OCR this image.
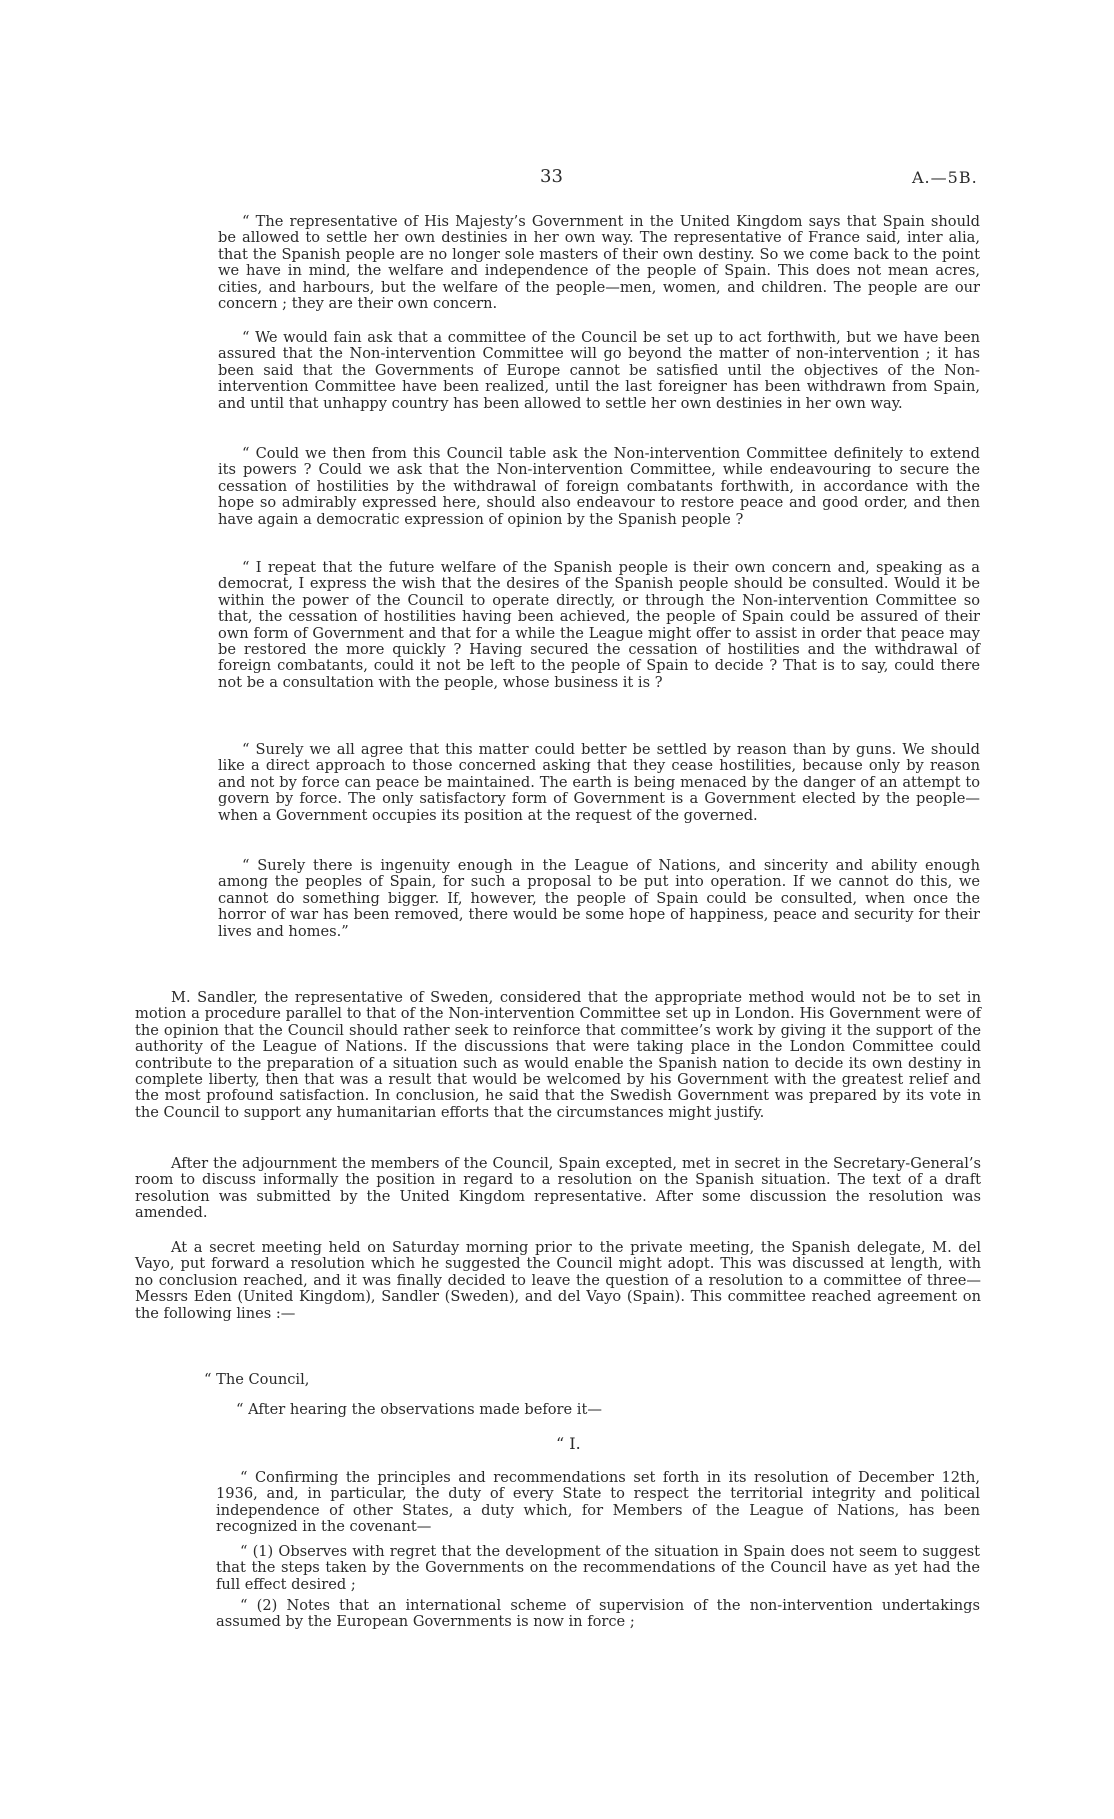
33	A.—5B.

“ The representative of His Majesty’s Government in the United Kingdom says that Spain should be allowed to settle her own destinies in her own way. The representative of France said, inter alia, that the Spanish people are no longer sole masters of their own destiny. So we come back to the point we have in mind, the welfare and independence of the people of Spain. This does not mean acres, cities, and harbours, but the welfare of the people—men, women, and children. The people are our concern ; they are their own concern.

“ We would fain ask that a committee of the Council be set up to act forthwith, but we have been assured that the Non-intervention Committee will go beyond the matter of non-intervention ; it has been said that the Governments of Europe cannot be satisfied until the objectives of the Non-intervention Committee have been realized, until the last foreigner has been withdrawn from Spain, and until that unhappy country has been allowed to settle her own destinies in her own way.

“ Could we then from this Council table ask the Non-intervention Committee definitely to extend its powers ? Could we ask that the Non-intervention Committee, while endeavouring to secure the cessation of hostilities by the withdrawal of foreign combatants forthwith, in accordance with the hope so admirably expressed here, should also endeavour to restore peace and good order, and then have again a democratic expression of opinion by the Spanish people ?

“ I repeat that the future welfare of the Spanish people is their own concern and, speaking as a democrat, I express the wish that the desires of the Spanish people should be consulted. Would it be within the power of the Council to operate directly, or through the Non-intervention Committee so that, the cessation of hostilities having been achieved, the people of Spain could be assured of their own form of Government and that for a while the League might offer to assist in order that peace may be restored the more quickly ? Having secured the cessation of hostilities and the withdrawal of foreign combatants, could it not be left to the people of Spain to decide ? That is to say, could there not be a consultation with the people, whose business it is ?

“ Surely we all agree that this matter could better be settled by reason than by guns. We should like a direct approach to those concerned asking that they cease hostilities, because only by reason and not by force can peace be maintained. The earth is being menaced by the danger of an attempt to govern by force. The only satisfactory form of Government is a Government elected by the people—when a Government occupies its position at the request of the governed.

“ Surely there is ingenuity enough in the League of Nations, and sincerity and ability enough among the peoples of Spain, for such a proposal to be put into operation. If we cannot do this, we cannot do something bigger. If, however, the people of Spain could be consulted, when once the horror of war has been removed, there would be some hope of happiness, peace and security for their lives and homes.”

M. Sandler, the representative of Sweden, considered that the appropriate method would not be to set in motion a procedure parallel to that of the Non-intervention Committee set up in London. His Government were of the opinion that the Council should rather seek to reinforce that committee’s work by giving it the support of the authority of the League of Nations. If the discussions that were taking place in the London Committee could contribute to the preparation of a situation such as would enable the Spanish nation to decide its own destiny in complete liberty, then that was a result that would be welcomed by his Government with the greatest relief and the most profound satisfaction. In conclusion, he said that the Swedish Government was prepared by its vote in the Council to support any humanitarian efforts that the circumstances might justify.

After the adjournment the members of the Council, Spain excepted, met in secret in the Secretary-General’s room to discuss informally the position in regard to a resolution on the Spanish situation. The text of a draft resolution was submitted by the United Kingdom representative. After some discussion the resolution was amended.

At a secret meeting held on Saturday morning prior to the private meeting, the Spanish delegate, M. del Vayo, put forward a resolution which he suggested the Council might adopt. This was discussed at length, with no conclusion reached, and it was finally decided to leave the question of a resolution to a committee of three—Messrs Eden (United Kingdom), Sandler (Sweden), and del Vayo (Spain). This committee reached agreement on the following lines :—

“ The Council,

“ After hearing the observations made before it—

“ I.

“ Confirming the principles and recommendations set forth in its resolution of December 12th, 1936, and, in particular, the duty of every State to respect the territorial integrity and political independence of other States, a duty which, for Members of the League of Nations, has been recognized in the covenant—

“ (1) Observes with regret that the development of the situation in Spain does not seem to suggest that the steps taken by the Governments on the recommendations of the Council have as yet had the full effect desired ;

“ (2) Notes that an international scheme of supervision of the non-intervention undertakings assumed by the European Governments is now in force ;
